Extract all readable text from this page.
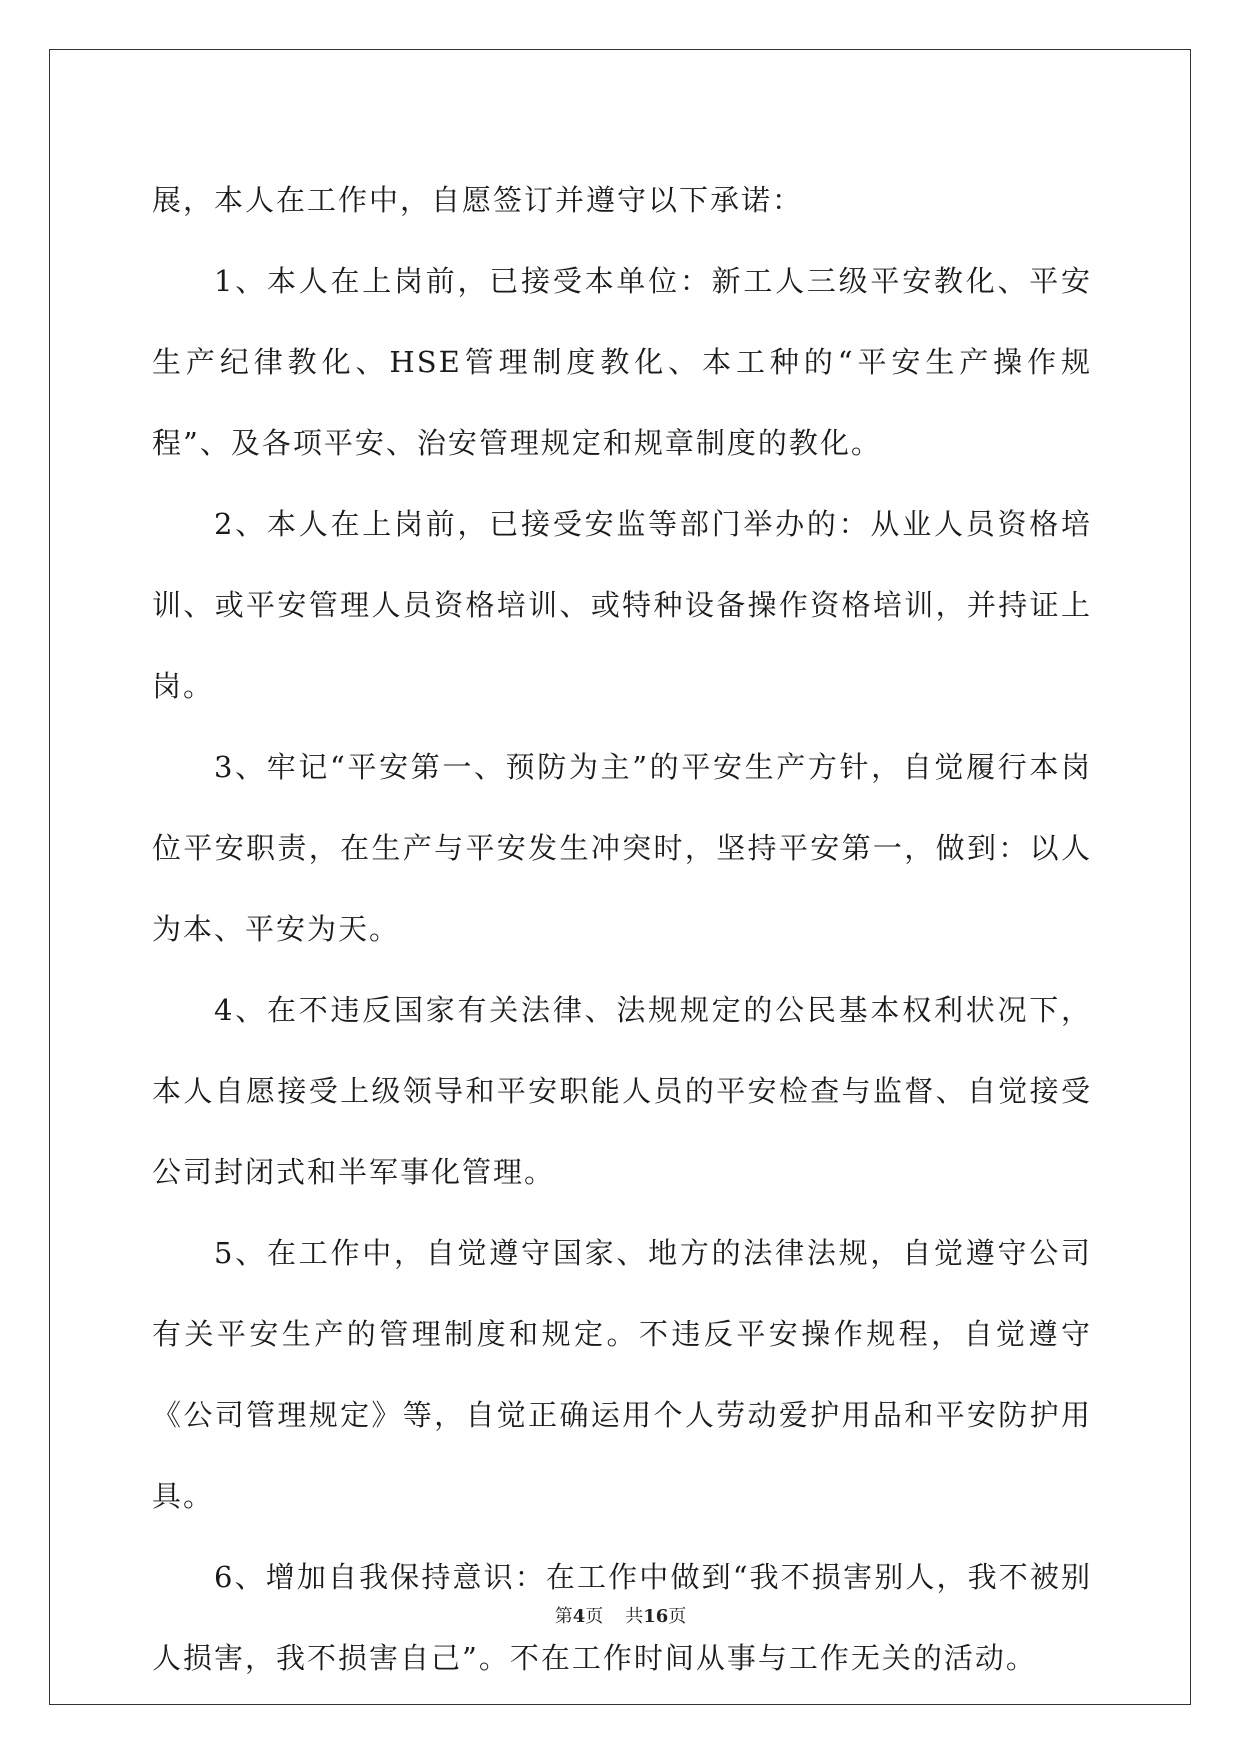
展，本人在工作中，自愿签订并遵守以下承诺：

1、本人在上岗前，已接受本单位：新工人三级平安教化、平安生产纪律教化、HSE管理制度教化、本工种的“平安生产操作规程”、及各项平安、治安管理规定和规章制度的教化。

2、本人在上岗前，已接受安监等部门举办的：从业人员资格培训、或平安管理人员资格培训、或特种设备操作资格培训，并持证上岗。

3、牢记“平安第一、预防为主”的平安生产方针，自觉履行本岗位平安职责，在生产与平安发生冲突时，坚持平安第一，做到：以人为本、平安为天。

4、在不违反国家有关法律、法规规定的公民基本权利状况下，本人自愿接受上级领导和平安职能人员的平安检查与监督、自觉接受公司封闭式和半军事化管理。

5、在工作中，自觉遵守国家、地方的法律法规，自觉遵守公司有关平安生产的管理制度和规定。不违反平安操作规程，自觉遵守《公司管理规定》等，自觉正确运用个人劳动爱护用品和平安防护用具。

6、增加自我保持意识：在工作中做到“我不损害别人，我不被别人损害，我不损害自己”。不在工作时间从事与工作无关的活动。

第4页 共16页
